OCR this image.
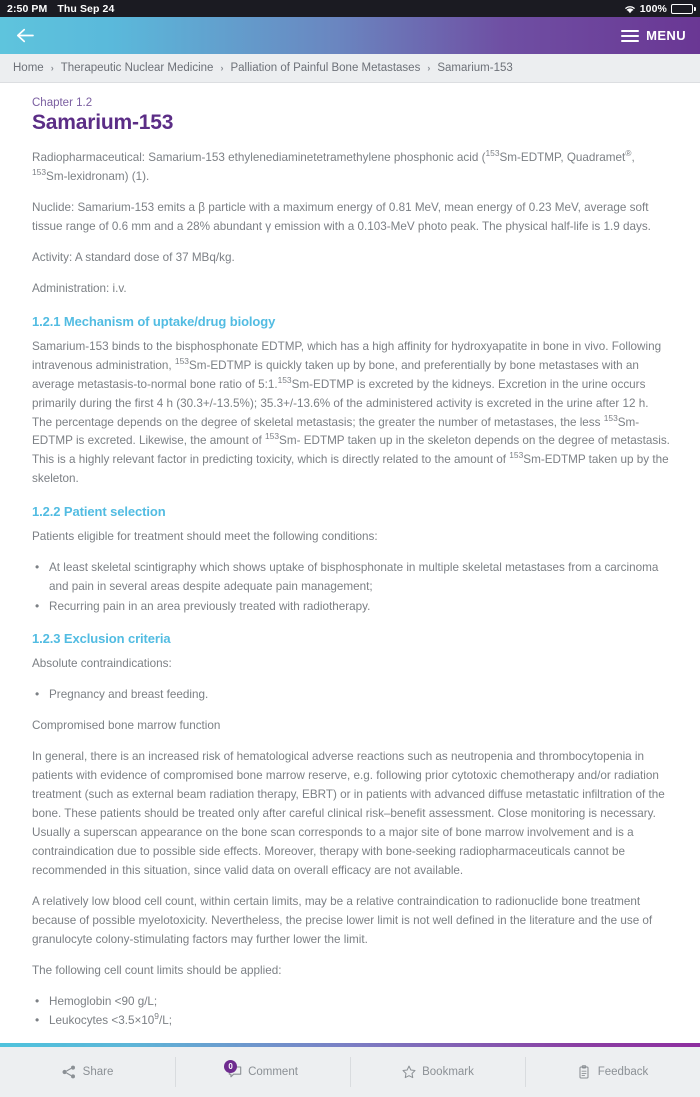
2:50 PM Thu Sep 24	100%
MENU
Home › Therapeutic Nuclear Medicine › Palliation of Painful Bone Metastases › Samarium-153
Chapter 1.2
Samarium-153

Radiopharmaceutical: Samarium-153 ethylenediaminetetramethylene phosphonic acid ($^{153}$Sm-EDTMP, Quadramet®, $^{153}$Sm-lexidronam) (1).

Nuclide: Samarium-153 emits a β particle with a maximum energy of 0.81 MeV, mean energy of 0.23 MeV, average soft tissue range of 0.6 mm and a 28% abundant γ emission with a 0.103-MeV photo peak. The physical half-life is 1.9 days.

Activity: A standard dose of 37 MBq/kg.

Administration: i.v.

1.2.1 Mechanism of uptake/drug biology

Samarium-153 binds to the bisphosphonate EDTMP, which has a high affinity for hydroxyapatite in bone in vivo. Following intravenous administration, $^{153}$Sm-EDTMP is quickly taken up by bone, and preferentially by bone metastases with an average metastasis-to-normal bone ratio of 5:1.$^{153}$Sm-EDTMP is excreted by the kidneys. Excretion in the urine occurs primarily during the first 4 h (30.3+/-13.5%); 35.3+/-13.6% of the administered activity is excreted in the urine after 12 h. The percentage depends on the degree of skeletal metastasis; the greater the number of metastases, the less $^{153}$Sm-EDTMP is excreted. Likewise, the amount of $^{153}$Sm- EDTMP taken up in the skeleton depends on the degree of metastasis. This is a highly relevant factor in predicting toxicity, which is directly related to the amount of $^{153}$Sm-EDTMP taken up by the skeleton.

1.2.2 Patient selection

Patients eligible for treatment should meet the following conditions:

• At least skeletal scintigraphy which shows uptake of bisphosphonate in multiple skeletal metastases from a carcinoma and pain in several areas despite adequate pain management;
• Recurring pain in an area previously treated with radiotherapy.
1.2.3 Exclusion criteria

Absolute contraindications:

• Pregnancy and breast feeding.

Compromised bone marrow function

In general, there is an increased risk of hematological adverse reactions such as neutropenia and thrombocytopenia in patients with evidence of compromised bone marrow reserve, e.g. following prior cytotoxic chemotherapy and/or radiation treatment (such as external beam radiation therapy, EBRT) or in patients with advanced diffuse metastatic infiltration of the bone. These patients should be treated only after careful clinical risk–benefit assessment. Close monitoring is necessary. Usually a superscan appearance on the bone scan corresponds to a major site of bone marrow involvement and is a contraindication due to possible side effects. Moreover, therapy with bone-seeking radiopharmaceuticals cannot be recommended in this situation, since valid data on overall efficacy are not available.

A relatively low blood cell count, within certain limits, may be a relative contraindication to radionuclide bone treatment because of possible myelotoxicity. Nevertheless, the precise lower limit is not well defined in the literature and the use of granulocyte colony-stimulating factors may further lower the limit.

The following cell count limits should be applied:

• Hemoglobin <90 g/L;
• Leukocytes $<3.5\times 10^9/L$;
Share	0	Comment	Bookmark	Feedback
